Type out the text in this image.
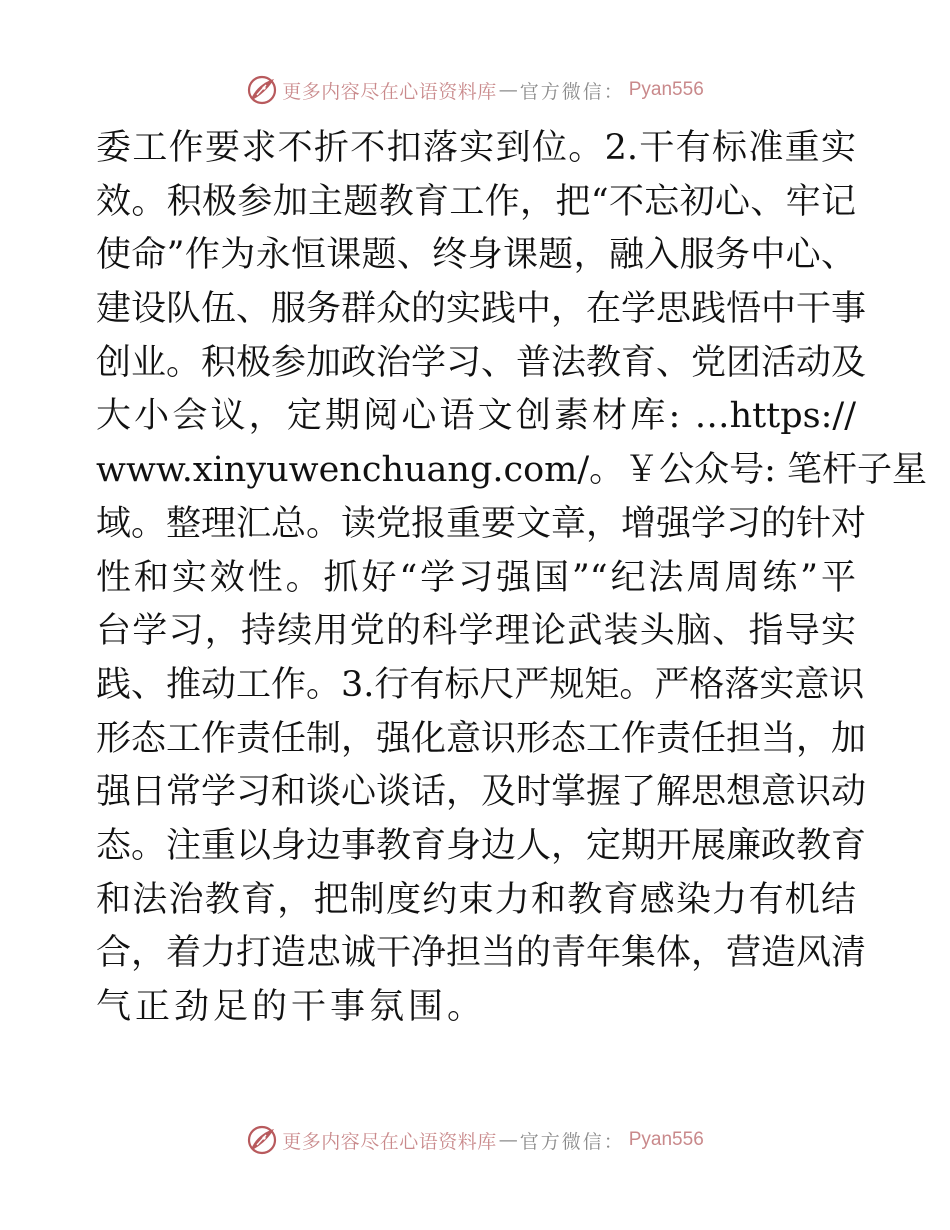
更多内容尽在心语资料库 — 官方微信： Pyan556
委工作要求不折不扣落实到位。2.干有标准重实
效。积极参加主题教育工作，把“不忘初心、牢记
使命”作为永恒课题、终身课题，融入服务中心、
建设队伍、服务群众的实践中，在学思践悟中干事
创业。积极参加政治学习、普法教育、党团活动及
大小会议，定期阅心语文创素材库: …https://
www.xinyuwenchuang.com/。￥公众号: 笔杆子星
域。整理汇总。读党报重要文章，增强学习的针对
性和实效性。抓好“学习强国”“纪法周周练”平
台学习，持续用党的科学理论武装头脑、指导实
践、推动工作。3.行有标尺严规矩。严格落实意识
形态工作责任制，强化意识形态工作责任担当，加
强日常学习和谈心谈话，及时掌握了解思想意识动
态。注重以身边事教育身边人，定期开展廉政教育
和法治教育，把制度约束力和教育感染力有机结
合，着力打造忠诚干净担当的青年集体，营造风清
气正劲足的干事氛围。
更多内容尽在心语资料库 — 官方微信： Pyan556
